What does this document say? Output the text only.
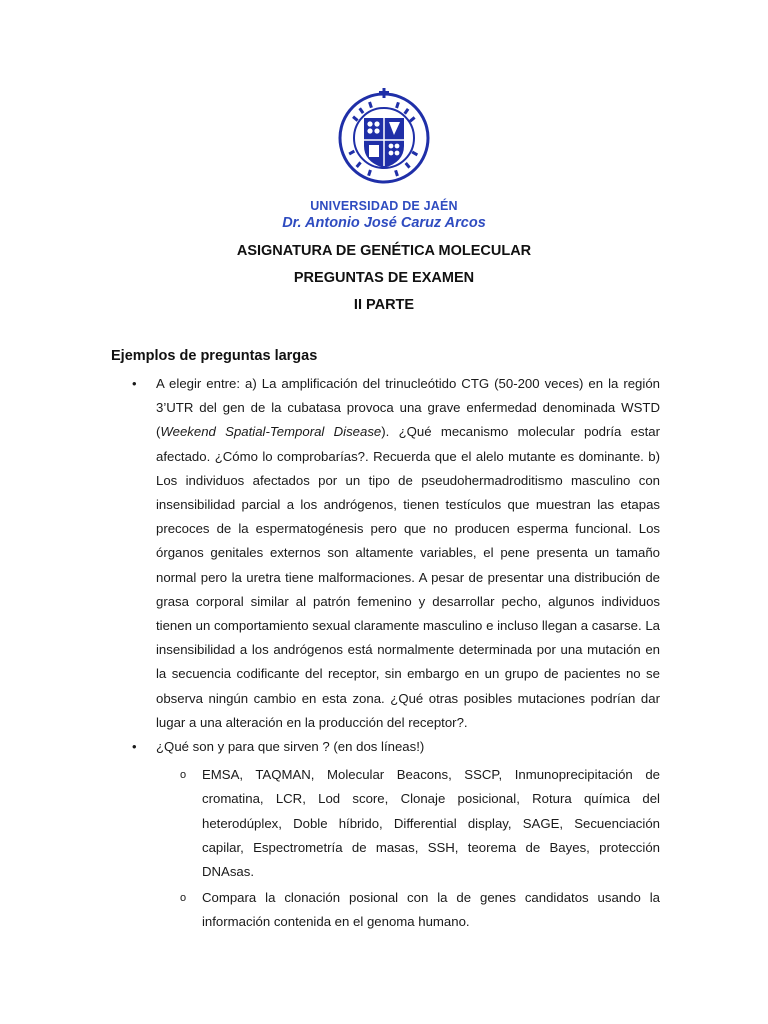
UNIVERSIDAD DE JAÉN
Dr. Antonio José Caruz Arcos
ASIGNATURA DE GENÉTICA MOLECULAR
PREGUNTAS DE EXAMEN
II PARTE
Ejemplos de preguntas largas
• A elegir entre: a) La amplificación del trinucleótido CTG (50-200 veces) en la región 3’UTR del gen de la cubatasa provoca una grave enfermedad denominada WSTD (Weekend Spatial-Temporal Disease). ¿Qué mecanismo molecular podría estar afectado. ¿Cómo lo comprobarías?. Recuerda que el alelo mutante es dominante. b) Los individuos afectados por un tipo de pseudohermadroditismo masculino con insensibilidad parcial a los andrógenos, tienen testículos que muestran las etapas precoces de la espermatogénesis pero que no producen esperma funcional. Los órganos genitales externos son altamente variables, el pene presenta un tamaño normal pero la uretra tiene malformaciones. A pesar de presentar una distribución de grasa corporal similar al patrón femenino y desarrollar pecho, algunos individuos tienen un comportamiento sexual claramente masculino e incluso llegan a casarse. La insensibilidad a los andrógenos está normalmente determinada por una mutación en la secuencia codificante del receptor, sin embargo en un grupo de pacientes no se observa ningún cambio en esta zona. ¿Qué otras posibles mutaciones podrían dar lugar a una alteración en la producción del receptor?.
• ¿Qué son y para que sirven ? (en dos líneas!)
o EMSA, TAQMAN, Molecular Beacons, SSCP, Inmunoprecipitación de cromatina, LCR, Lod score, Clonaje posicional, Rotura química del heterodúplex, Doble híbrido, Differential display, SAGE, Secuenciación capilar, Espectrometría de masas, SSH, teorema de Bayes, protección DNAsas.
o Compara la clonación posional con la de genes candidatos usando la información contenida en el genoma humano.
